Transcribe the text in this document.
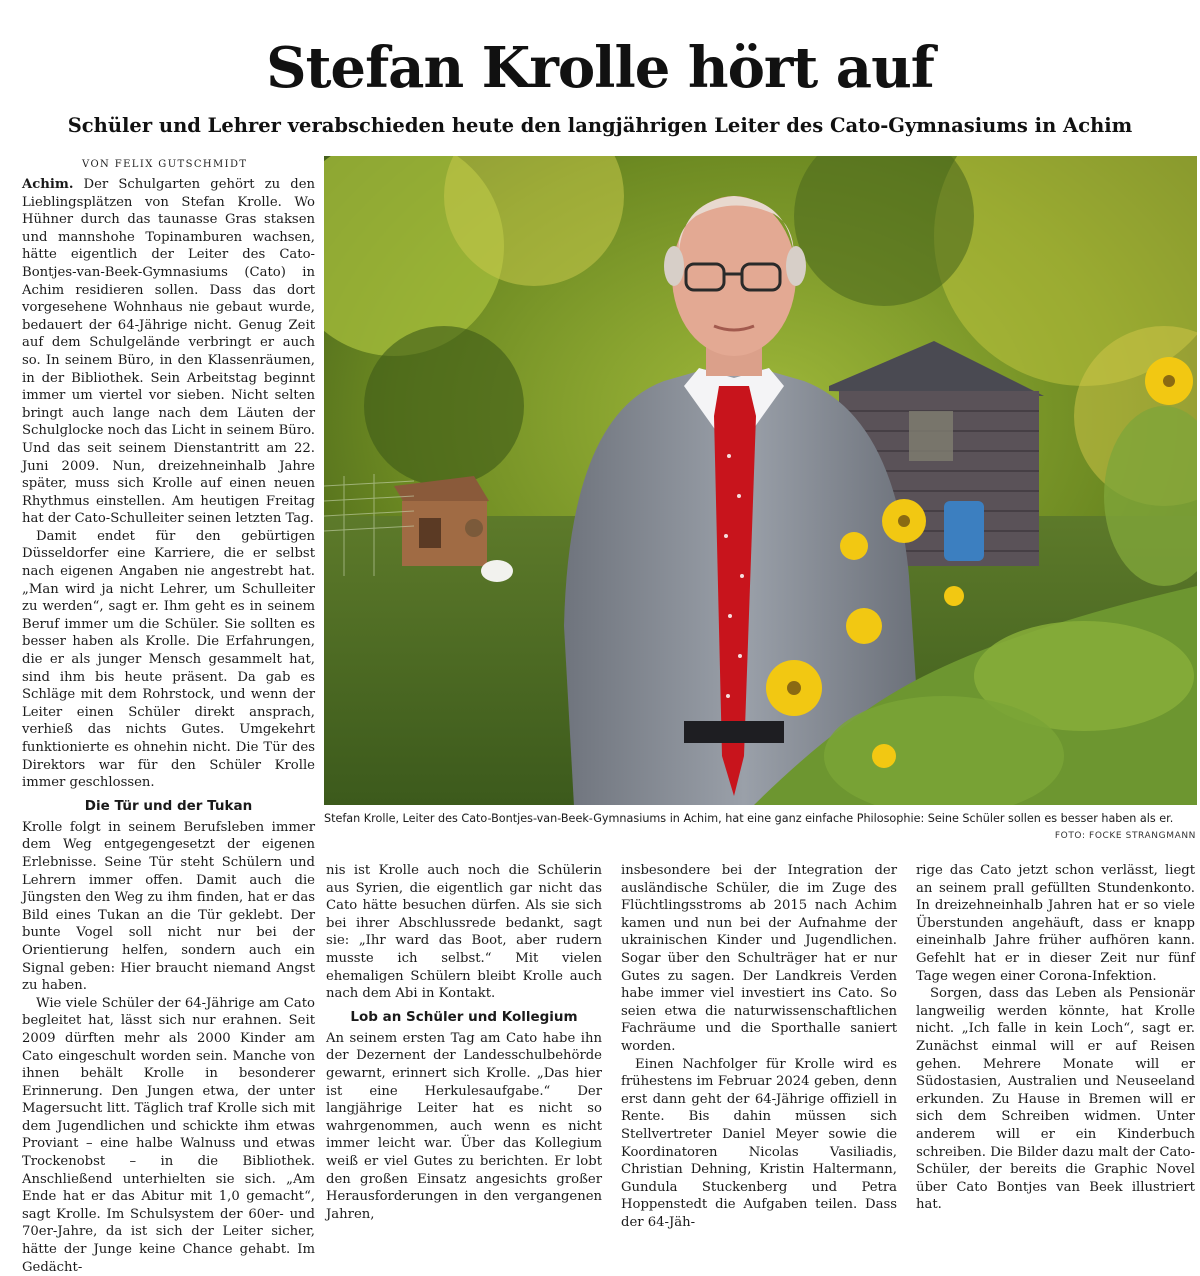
Stefan Krolle hört auf
Schüler und Lehrer verabschieden heute den langjährigen Leiter des Cato-Gymnasiums in Achim
VON FELIX GUTSCHMIDT

Achim. Der Schulgarten gehört zu den Lieblingsplätzen von Stefan Krolle. Wo Hühner durch das taunasse Gras staksen und mannshohe Topinamburen wachsen, hätte eigentlich der Leiter des Cato-Bontjes-van-Beek-Gymnasiums (Cato) in Achim residieren sollen. Dass das dort vorgesehene Wohnhaus nie gebaut wurde, bedauert der 64-Jährige nicht. Genug Zeit auf dem Schulgelände verbringt er auch so. In seinem Büro, in den Klassenräumen, in der Bibliothek. Sein Arbeitstag beginnt immer um viertel vor sieben. Nicht selten bringt auch lange nach dem Läuten der Schulglocke noch das Licht in seinem Büro. Und das seit seinem Dienstantritt am 22. Juni 2009. Nun, dreizehneinhalb Jahre später, muss sich Krolle auf einen neuen Rhythmus einstellen. Am heutigen Freitag hat der Cato-Schulleiter seinen letzten Tag.

Damit endet für den gebürtigen Düsseldorfer eine Karriere, die er selbst nach eigenen Angaben nie angestrebt hat. „Man wird ja nicht Lehrer, um Schulleiter zu werden“, sagt er. Ihm geht es in seinem Beruf immer um die Schüler. Sie sollten es besser haben als Krolle. Die Erfahrungen, die er als junger Mensch gesammelt hat, sind ihm bis heute präsent. Da gab es Schläge mit dem Rohrstock, und wenn der Leiter einen Schüler direkt ansprach, verhieß das nichts Gutes. Umgekehrt funktionierte es ohnehin nicht. Die Tür des Direktors war für den Schüler Krolle immer geschlossen.

Die Tür und der Tukan

Krolle folgt in seinem Berufsleben immer dem Weg entgegengesetzt der eigenen Erlebnisse. Seine Tür steht Schülern und Lehrern immer offen. Damit auch die Jüngsten den Weg zu ihm finden, hat er das Bild eines Tukan an die Tür geklebt. Der bunte Vogel soll nicht nur bei der Orientierung helfen, sondern auch ein Signal geben: Hier braucht niemand Angst zu haben.

Wie viele Schüler der 64-Jährige am Cato begleitet hat, lässt sich nur erahnen. Seit 2009 dürften mehr als 2000 Kinder am Cato eingeschult worden sein. Manche von ihnen behält Krolle in besonderer Erinnerung. Den Jungen etwa, der unter Magersucht litt. Täglich traf Krolle sich mit dem Jugendlichen und schickte ihm etwas Proviant – eine halbe Walnuss und etwas Trockenobst – in die Bibliothek. Anschließend unterhielten sie sich. „Am Ende hat er das Abitur mit 1,0 gemacht“, sagt Krolle. Im Schulsystem der 60er- und 70er-Jahre, da ist sich der Leiter sicher, hätte der Junge keine Chance gehabt. Im Gedächt-

Stefan Krolle, Leiter des Cato-Bontjes-van-Beek-Gymnasiums in Achim, hat eine ganz einfache Philosophie: Seine Schüler sollen es besser haben als er.
FOTO: FOCKE STRANGMANN

nis ist Krolle auch noch die Schülerin aus Syrien, die eigentlich gar nicht das Cato hätte besuchen dürfen. Als sie sich bei ihrer Abschlussrede bedankt, sagt sie: „Ihr ward das Boot, aber rudern musste ich selbst.“ Mit vielen ehemaligen Schülern bleibt Krolle auch nach dem Abi in Kontakt.

Lob an Schüler und Kollegium

An seinem ersten Tag am Cato habe ihn der Dezernent der Landesschulbehörde gewarnt, erinnert sich Krolle. „Das hier ist eine Herkulesaufgabe.“ Der langjährige Leiter hat es nicht so wahrgenommen, auch wenn es nicht immer leicht war. Über das Kollegium weiß er viel Gutes zu berichten. Er lobt den großen Einsatz angesichts großer Herausforderungen in den vergangenen Jahren,

insbesondere bei der Integration der ausländische Schüler, die im Zuge des Flüchtlingsstroms ab 2015 nach Achim kamen und nun bei der Aufnahme der ukrainischen Kinder und Jugendlichen. Sogar über den Schulträger hat er nur Gutes zu sagen. Der Landkreis Verden habe immer viel investiert ins Cato. So seien etwa die naturwissenschaftlichen Fachräume und die Sporthalle saniert worden.

Einen Nachfolger für Krolle wird es frühestens im Februar 2024 geben, denn erst dann geht der 64-Jährige offiziell in Rente. Bis dahin müssen sich Stellvertreter Daniel Meyer sowie die Koordinatoren Nicolas Vasiliadis, Christian Dehning, Kristin Haltermann, Gundula Stuckenberg und Petra Hoppenstedt die Aufgaben teilen. Dass der 64-Jäh-

rige das Cato jetzt schon verlässt, liegt an seinem prall gefüllten Stundenkonto. In dreizehneinhalb Jahren hat er so viele Überstunden angehäuft, dass er knapp eineinhalb Jahre früher aufhören kann. Gefehlt hat er in dieser Zeit nur fünf Tage wegen einer Corona-Infektion.

Sorgen, dass das Leben als Pensionär langweilig werden könnte, hat Krolle nicht. „Ich falle in kein Loch“, sagt er. Zunächst einmal will er auf Reisen gehen. Mehrere Monate will er Südostasien, Australien und Neuseeland erkunden. Zu Hause in Bremen will er sich dem Schreiben widmen. Unter anderem will er ein Kinderbuch schreiben. Die Bilder dazu malt der Cato-Schüler, der bereits die Graphic Novel über Cato Bontjes van Beek illustriert hat.
